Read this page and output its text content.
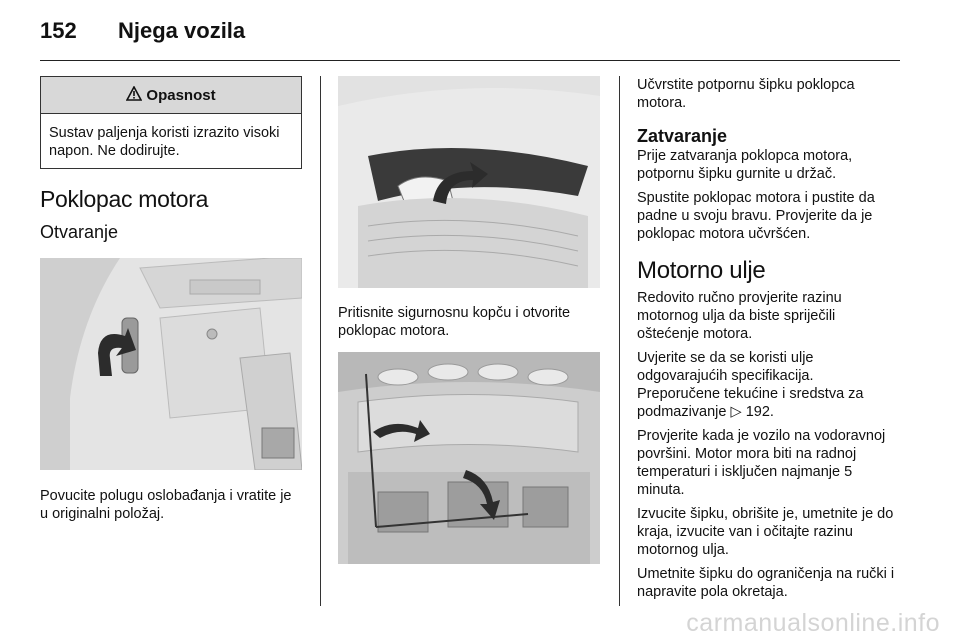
152 Njega vozila
Opasnost
Sustav paljenja koristi izrazito visoki napon. Ne dodirujte.
Poklopac motora
Otvaranje

Povucite polugu oslobađanja i vratite je u originalni položaj.

Pritisnite sigurnosnu kopču i otvorite poklopac motora.

Učvrstite potpornu šipku poklopca motora.

Zatvaranje

Prije zatvaranja poklopca motora, potpornu šipku gurnite u držač.

Spustite poklopac motora i pustite da padne u svoju bravu. Provjerite da je poklopac motora učvršćen.

Motorno ulje

Redovito ručno provjerite razinu motornog ulja da biste spriječili oštećenje motora.

Uvjerite se da se koristi ulje odgovarajućih specifikacija. Preporučene tekućine i sredstva za podmazivanje ▷ 192.

Provjerite kada je vozilo na vodoravnoj površini. Motor mora biti na radnoj temperaturi i isključen najmanje 5 minuta.

Izvucite šipku, obrišite je, umetnite je do kraja, izvucite van i očitajte razinu motornog ulja.

Umetnite šipku do ograničenja na ručki i napravite pola okretaja.

carmanualsonline.info
